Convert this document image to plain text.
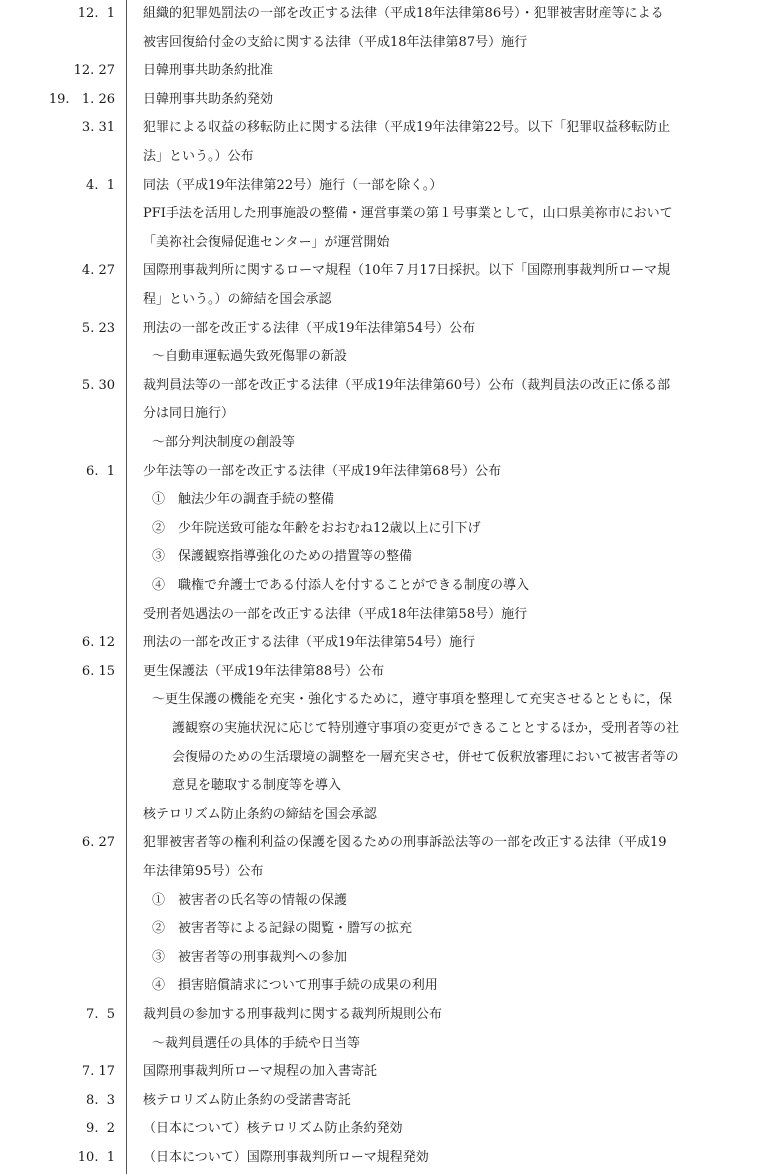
12.  1 組織的犯罪処罰法の一部を改正する法律（平成18年法律第86号）・犯罪被害財産等による
被害回復給付金の支給に関する法律（平成18年法律第87号）施行
12. 27 日韓刑事共助条約批准
19.   1. 26 日韓刑事共助条約発効
3. 31 犯罪による収益の移転防止に関する法律（平成19年法律第22号。以下「犯罪収益移転防止
法」という。）公布
4.  1 同法（平成19年法律第22号）施行（一部を除く。）
PFI手法を活用した刑事施設の整備・運営事業の第１号事業として，山口県美祢市において
「美祢社会復帰促進センター」が運営開始
4. 27 国際刑事裁判所に関するローマ規程（10年７月17日採択。以下「国際刑事裁判所ローマ規
程」という。）の締結を国会承認
5. 23 刑法の一部を改正する法律（平成19年法律第54号）公布
～自動車運転過失致死傷罪の新設
5. 30 裁判員法等の一部を改正する法律（平成19年法律第60号）公布（裁判員法の改正に係る部
分は同日施行）
～部分判決制度の創設等
6.  1 少年法等の一部を改正する法律（平成19年法律第68号）公布
①　触法少年の調査手続の整備
②　少年院送致可能な年齢をおおむね12歳以上に引下げ
③　保護観察指導強化のための措置等の整備
④　職権で弁護士である付添人を付することができる制度の導入
受刑者処遇法の一部を改正する法律（平成18年法律第58号）施行
6. 12 刑法の一部を改正する法律（平成19年法律第54号）施行
6. 15 更生保護法（平成19年法律第88号）公布
～更生保護の機能を充実・強化するために，遵守事項を整理して充実させるとともに，保
護観察の実施状況に応じて特別遵守事項の変更ができることとするほか，受刑者等の社
会復帰のための生活環境の調整を一層充実させ，併せて仮釈放審理において被害者等の
意見を聴取する制度等を導入
核テロリズム防止条約の締結を国会承認
6. 27 犯罪被害者等の権利利益の保護を図るための刑事訴訟法等の一部を改正する法律（平成19
年法律第95号）公布
①　被害者の氏名等の情報の保護
②　被害者等による記録の閲覧・謄写の拡充
③　被害者等の刑事裁判への参加
④　損害賠償請求について刑事手続の成果の利用
7.  5 裁判員の参加する刑事裁判に関する裁判所規則公布
～裁判員選任の具体的手続や日当等
7. 17 国際刑事裁判所ローマ規程の加入書寄託
8.  3 核テロリズム防止条約の受諾書寄託
9.  2 （日本について）核テロリズム防止条約発効
10.  1 （日本について）国際刑事裁判所ローマ規程発効
